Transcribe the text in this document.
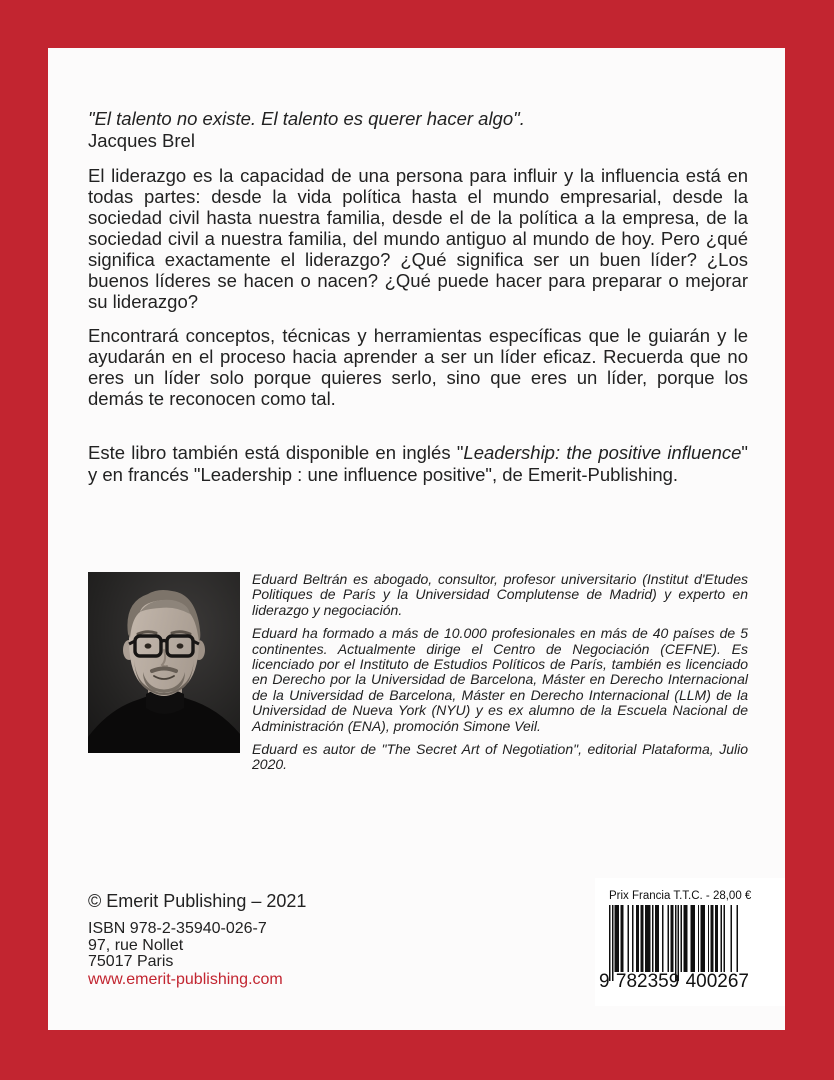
"El talento no existe. El talento es querer hacer algo".
Jacques Brel

El liderazgo es la capacidad de una persona para influir y la influencia está en todas partes: desde la vida política hasta el mundo empresarial, desde la sociedad civil hasta nuestra familia, desde el de la política a la empresa, de la sociedad civil a nuestra familia, del mundo antiguo al mundo de hoy. Pero ¿qué significa exactamente el liderazgo? ¿Qué significa ser un buen líder? ¿Los buenos líderes se hacen o nacen? ¿Qué puede hacer para preparar o mejorar su liderazgo?

Encontrará conceptos, técnicas y herramientas específicas que le guiarán y le ayudarán en el proceso hacia aprender a ser un líder eficaz. Recuerda que no eres un líder solo porque quieres serlo, sino que eres un líder, porque los demás te reconocen como tal.

Este libro también está disponible en inglés "Leadership: the positive influence" y en francés "Leadership : une influence positive", de Emerit-Publishing.

Eduard Beltrán es abogado, consultor, profesor universitario (Institut d'Etudes Politiques de París y la Universidad Complutense de Madrid) y experto en liderazgo y negociación.

Eduard ha formado a más de 10.000 profesionales en más de 40 países de 5 continentes. Actualmente dirige el Centro de Negociación (CEFNE). Es licenciado por el Instituto de Estudios Políticos de París, también es licenciado en Derecho por la Universidad de Barcelona, Máster en Derecho Internacional de la Universidad de Barcelona, Máster en Derecho Internacional (LLM) de la Universidad de Nueva York (NYU) y es ex alumno de la Escuela Nacional de Administración (ENA), promoción Simone Veil.

Eduard es autor de "The Secret Art of Negotiation", editorial Plataforma, Julio 2020.

© Emerit Publishing – 2021
ISBN 978-2-35940-026-7
97, rue Nollet
75017 Paris
www.emerit-publishing.com
Prix Francia T.T.C. - 28,00 €
9 782359 400267
